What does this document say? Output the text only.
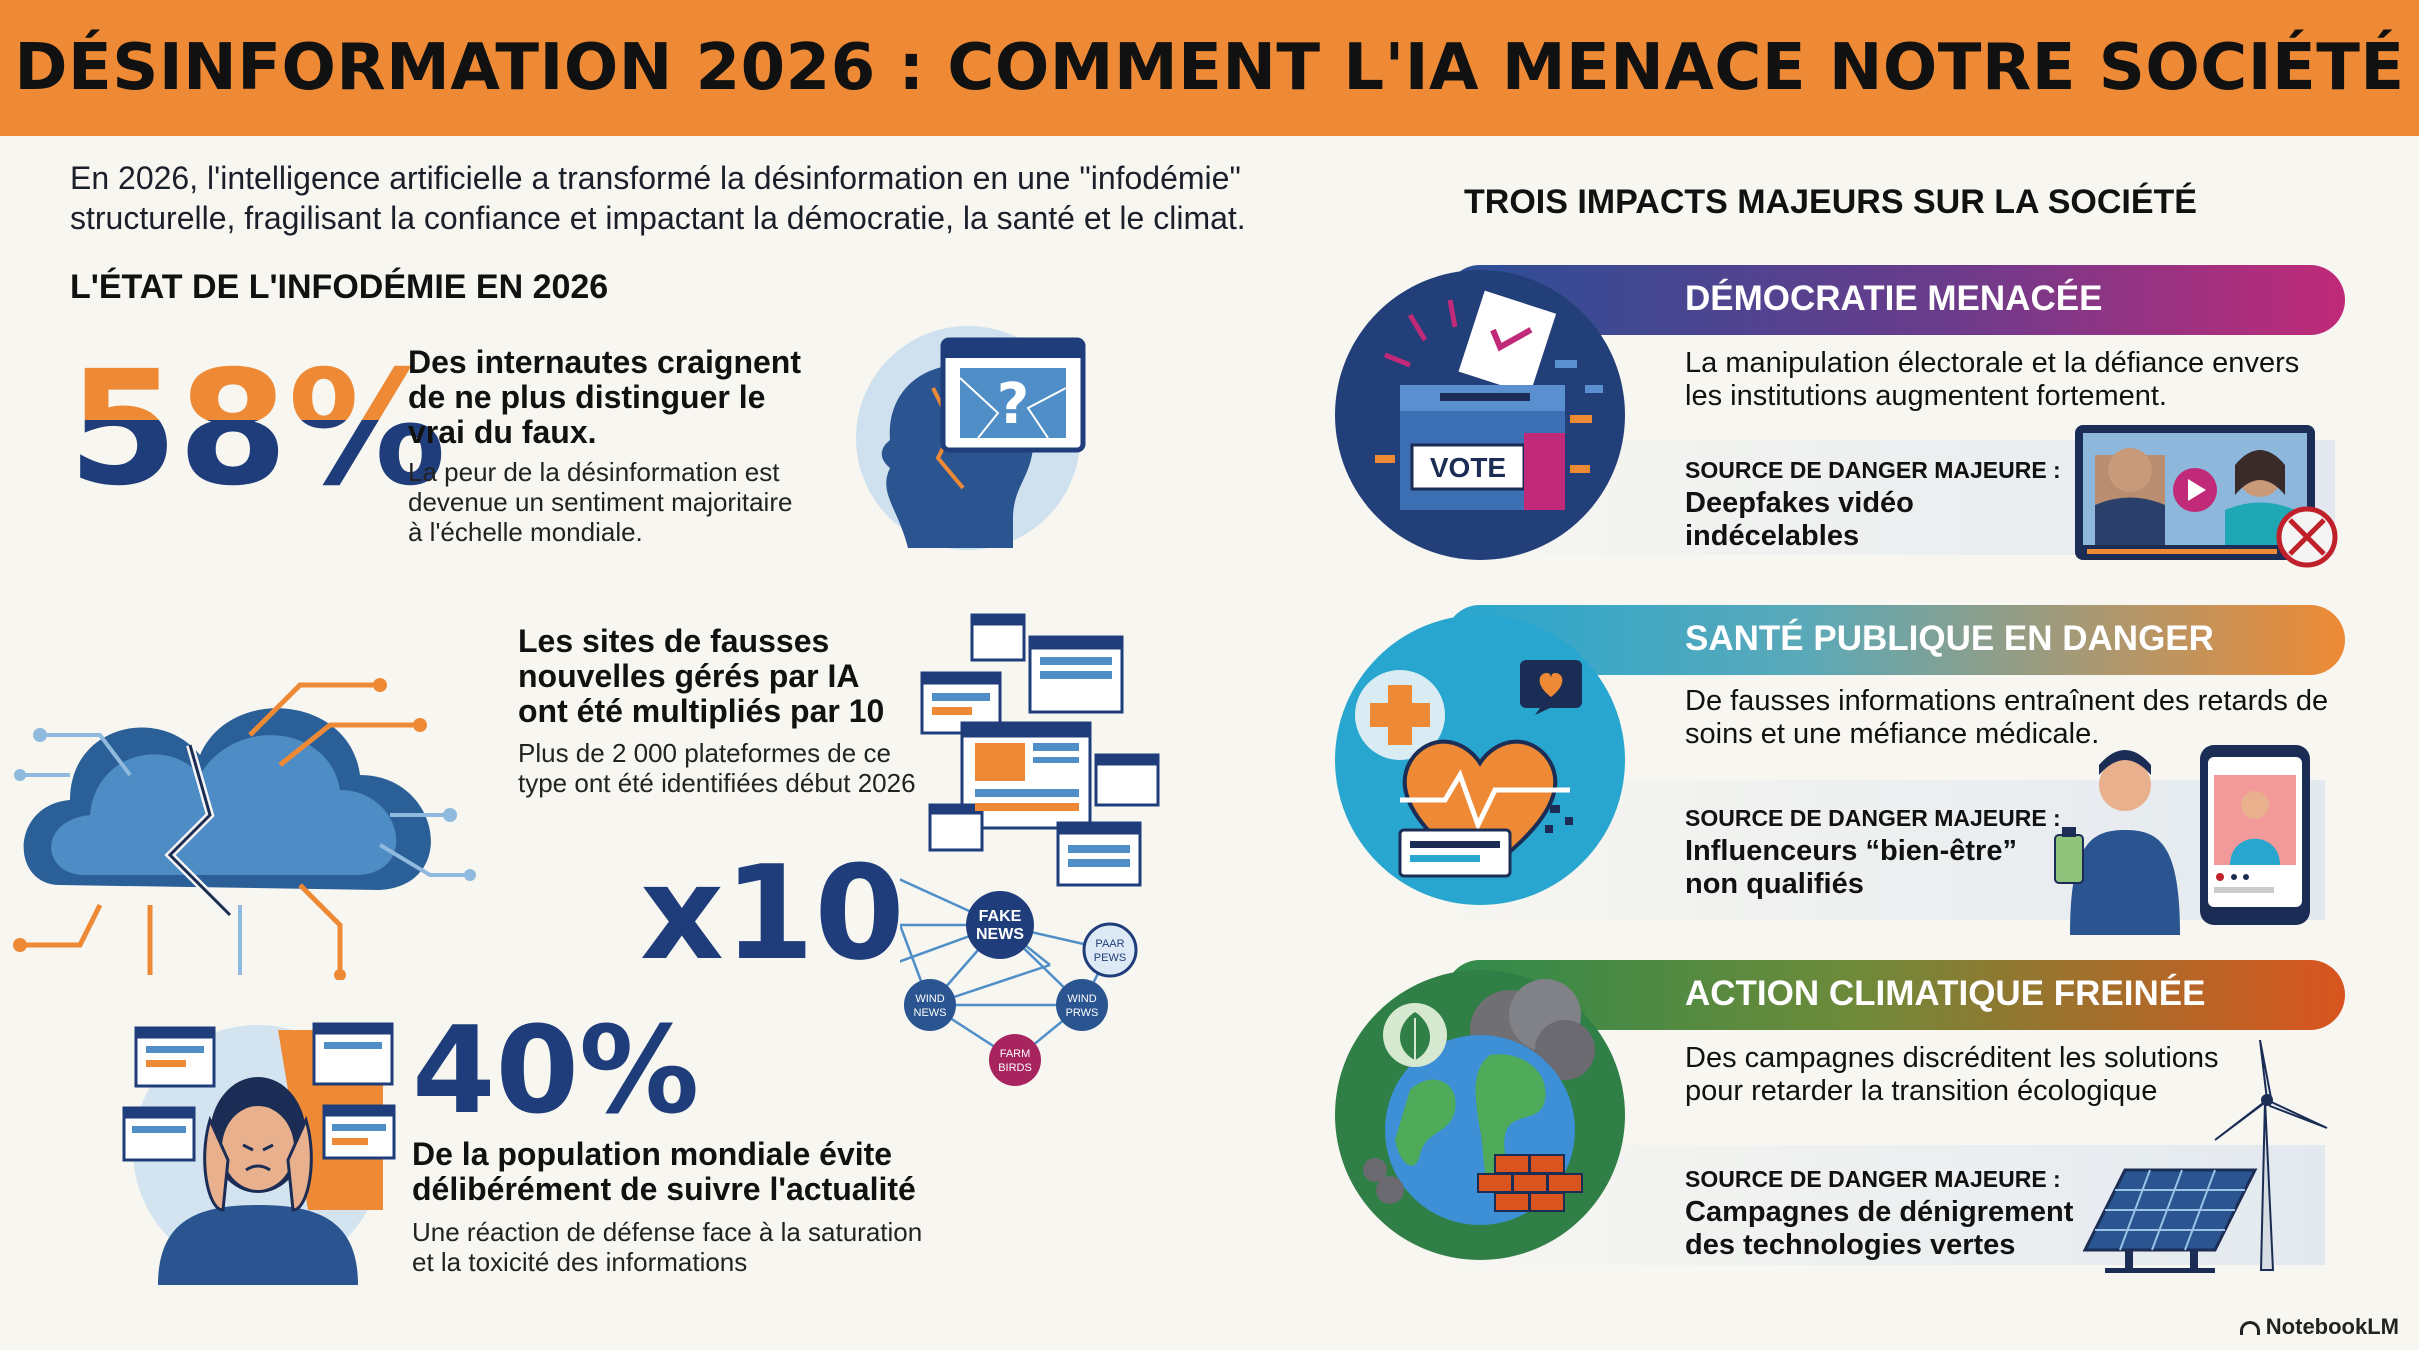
DÉSINFORMATION 2026 : COMMENT L'IA MENACE NOTRE SOCIÉTÉ
En 2026, l'intelligence artificielle a transformé la désinformation en une "infodémie"
structurelle, fragilisant la confiance et impactant la démocratie, la santé et le climat.
L'ÉTAT DE L'INFODÉMIE EN 2026
58%
Des internautes craignent
de ne plus distinguer le
vrai du faux.
La peur de la désinformation est
devenue un sentiment majoritaire
à l'échelle mondiale.
?
Les sites de fausses
nouvelles gérés par IA
ont été multipliés par 10
Plus de 2 000 plateformes de ce
type ont été identifiées début 2026
x10	FAKE
NEWS
PAAR
PEWS
WIND
NEWS
WIND
PRWS
FARM
BIRDS
40%
De la population mondiale évite
délibérément de suivre l'actualité
Une réaction de défense face à la saturation
et la toxicité des informations
TROIS IMPACTS MAJEURS SUR LA SOCIÉTÉ
DÉMOCRATIE MENACÉE
La manipulation électorale et la défiance envers
les institutions augmentent fortement.
SOURCE DE DANGER MAJEURE :
Deepfakes vidéo
indécelables
VOTE
SANTÉ PUBLIQUE EN DANGER
De fausses informations entraînent des retards de
soins et une méfiance médicale.
SOURCE DE DANGER MAJEURE :
Influenceurs “bien-être”
non qualifiés
ACTION CLIMATIQUE FREINÉE
Des campagnes discréditent les solutions
pour retarder la transition écologique
SOURCE DE DANGER MAJEURE :
Campagnes de dénigrement
des technologies vertes
NotebookLM
